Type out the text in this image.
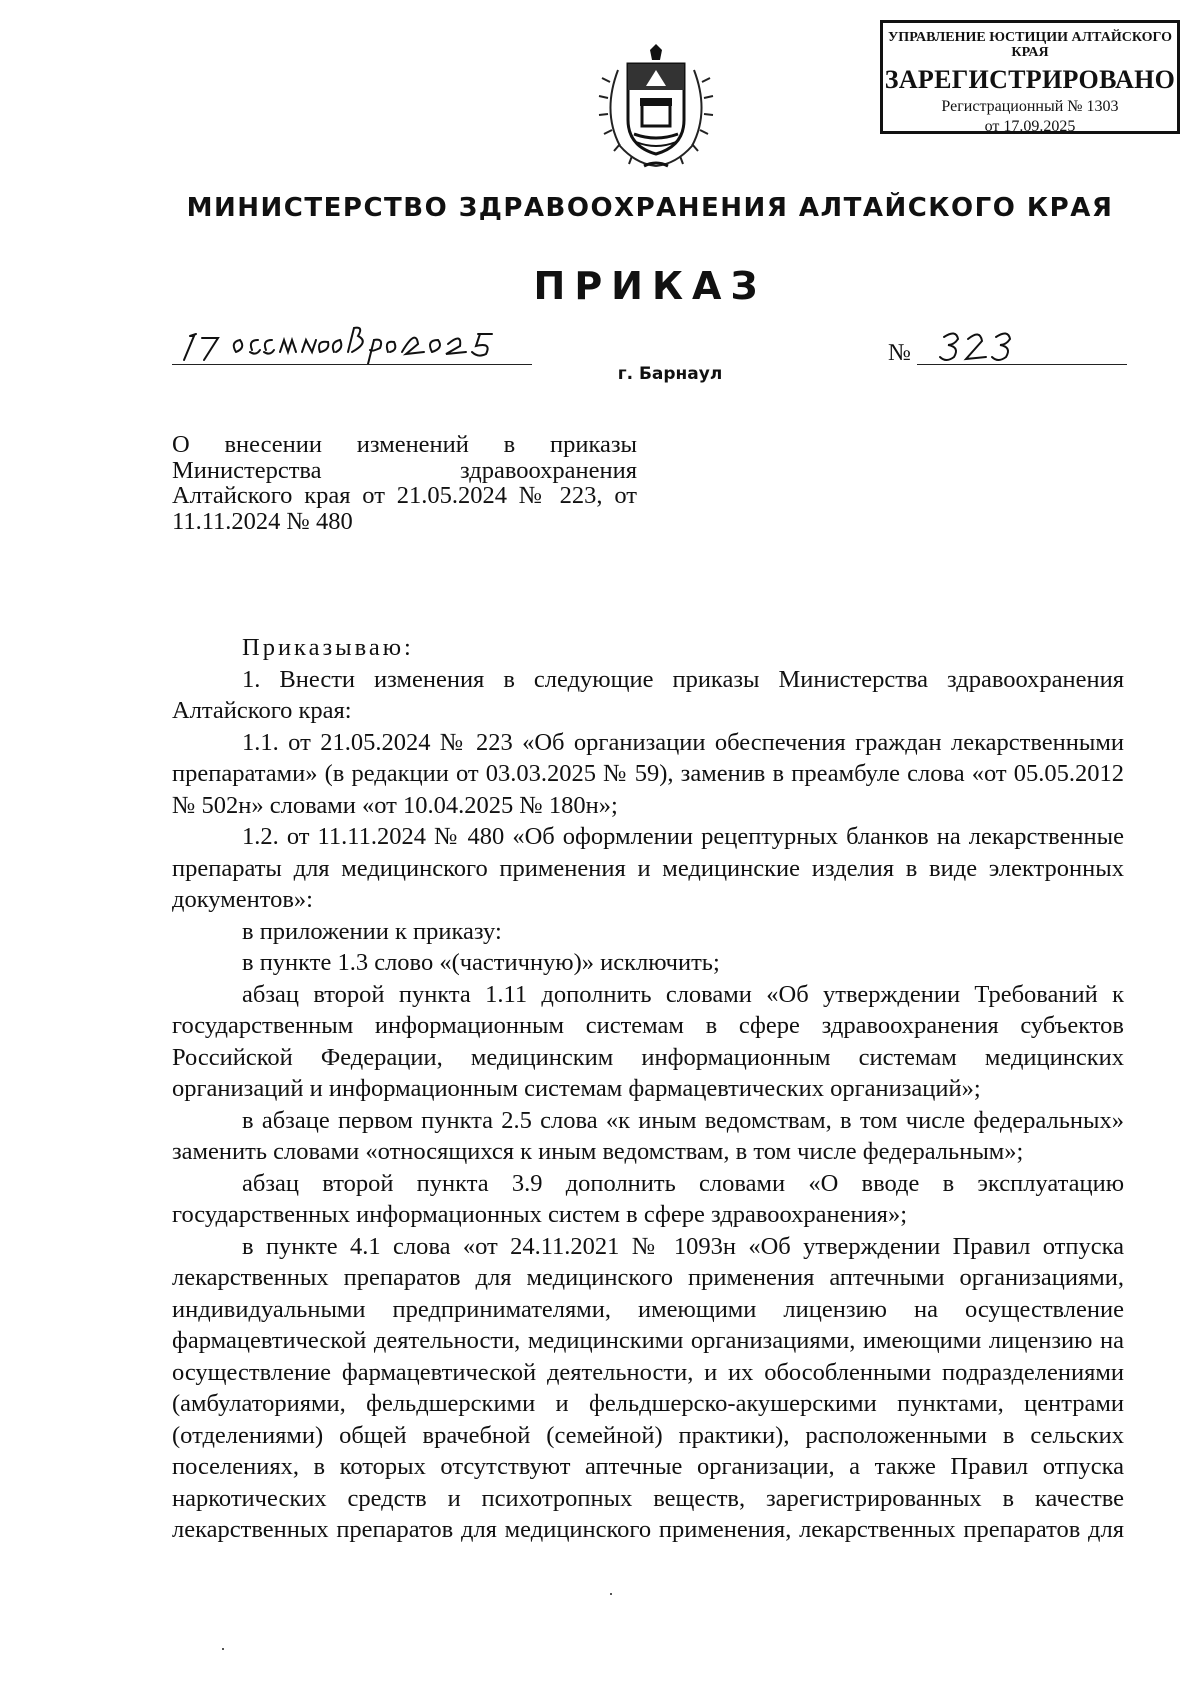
УПРАВЛЕНИЕ ЮСТИЦИИ АЛТАЙСКОГО КРАЯ
ЗАРЕГИСТРИРОВАНО
Регистрационный № 1303
от 17.09.2025
МИНИСТЕРСТВО ЗДРАВООХРАНЕНИЯ АЛТАЙСКОГО КРАЯ
ПРИКАЗ
№
г. Барнаул
О внесении изменений в приказы
Министерства здравоохранения
Алтайского края от 21.05.2024 № 223, от
11.11.2024 № 480

Приказываю:

1. Внести изменения в следующие приказы Министерства здравоохранения Алтайского края:

1.1. от 21.05.2024 № 223 «Об организации обеспечения граждан лекарственными препаратами» (в редакции от 03.03.2025 № 59), заменив в преамбуле слова «от 05.05.2012 № 502н» словами «от 10.04.2025 № 180н»;

1.2. от 11.11.2024 № 480 «Об оформлении рецептурных бланков на лекарственные препараты для медицинского применения и медицинские изделия в виде электронных документов»:

в приложении к приказу:

в пункте 1.3 слово «(частичную)» исключить;

абзац второй пункта 1.11 дополнить словами «Об утверждении Требований к государственным информационным системам в сфере здравоохранения субъектов Российской Федерации, медицинским информационным системам медицинских организаций и информационным системам фармацевтических организаций»;

в абзаце первом пункта 2.5 слова «к иным ведомствам, в том числе федеральных» заменить словами «относящихся к иным ведомствам, в том числе федеральным»;

абзац второй пункта 3.9 дополнить словами «О вводе в эксплуатацию государственных информационных систем в сфере здравоохранения»;

в пункте 4.1 слова «от 24.11.2021 № 1093н «Об утверждении Правил отпуска лекарственных препаратов для медицинского применения аптечными организациями, индивидуальными предпринимателями, имеющими лицензию на осуществление фармацевтической деятельности, медицинскими организациями, имеющими лицензию на осуществление фармацевтической деятельности, и их обособленными подразделениями (амбулаториями, фельдшерскими и фельдшерско-акушерскими пунктами, центрами (отделениями) общей врачебной (семейной) практики), расположенными в сельских поселениях, в которых отсутствуют аптечные организации, а также Правил отпуска наркотических средств и психотропных веществ, зарегистрированных в качестве лекарственных препаратов для медицинского применения, лекарственных препаратов для
